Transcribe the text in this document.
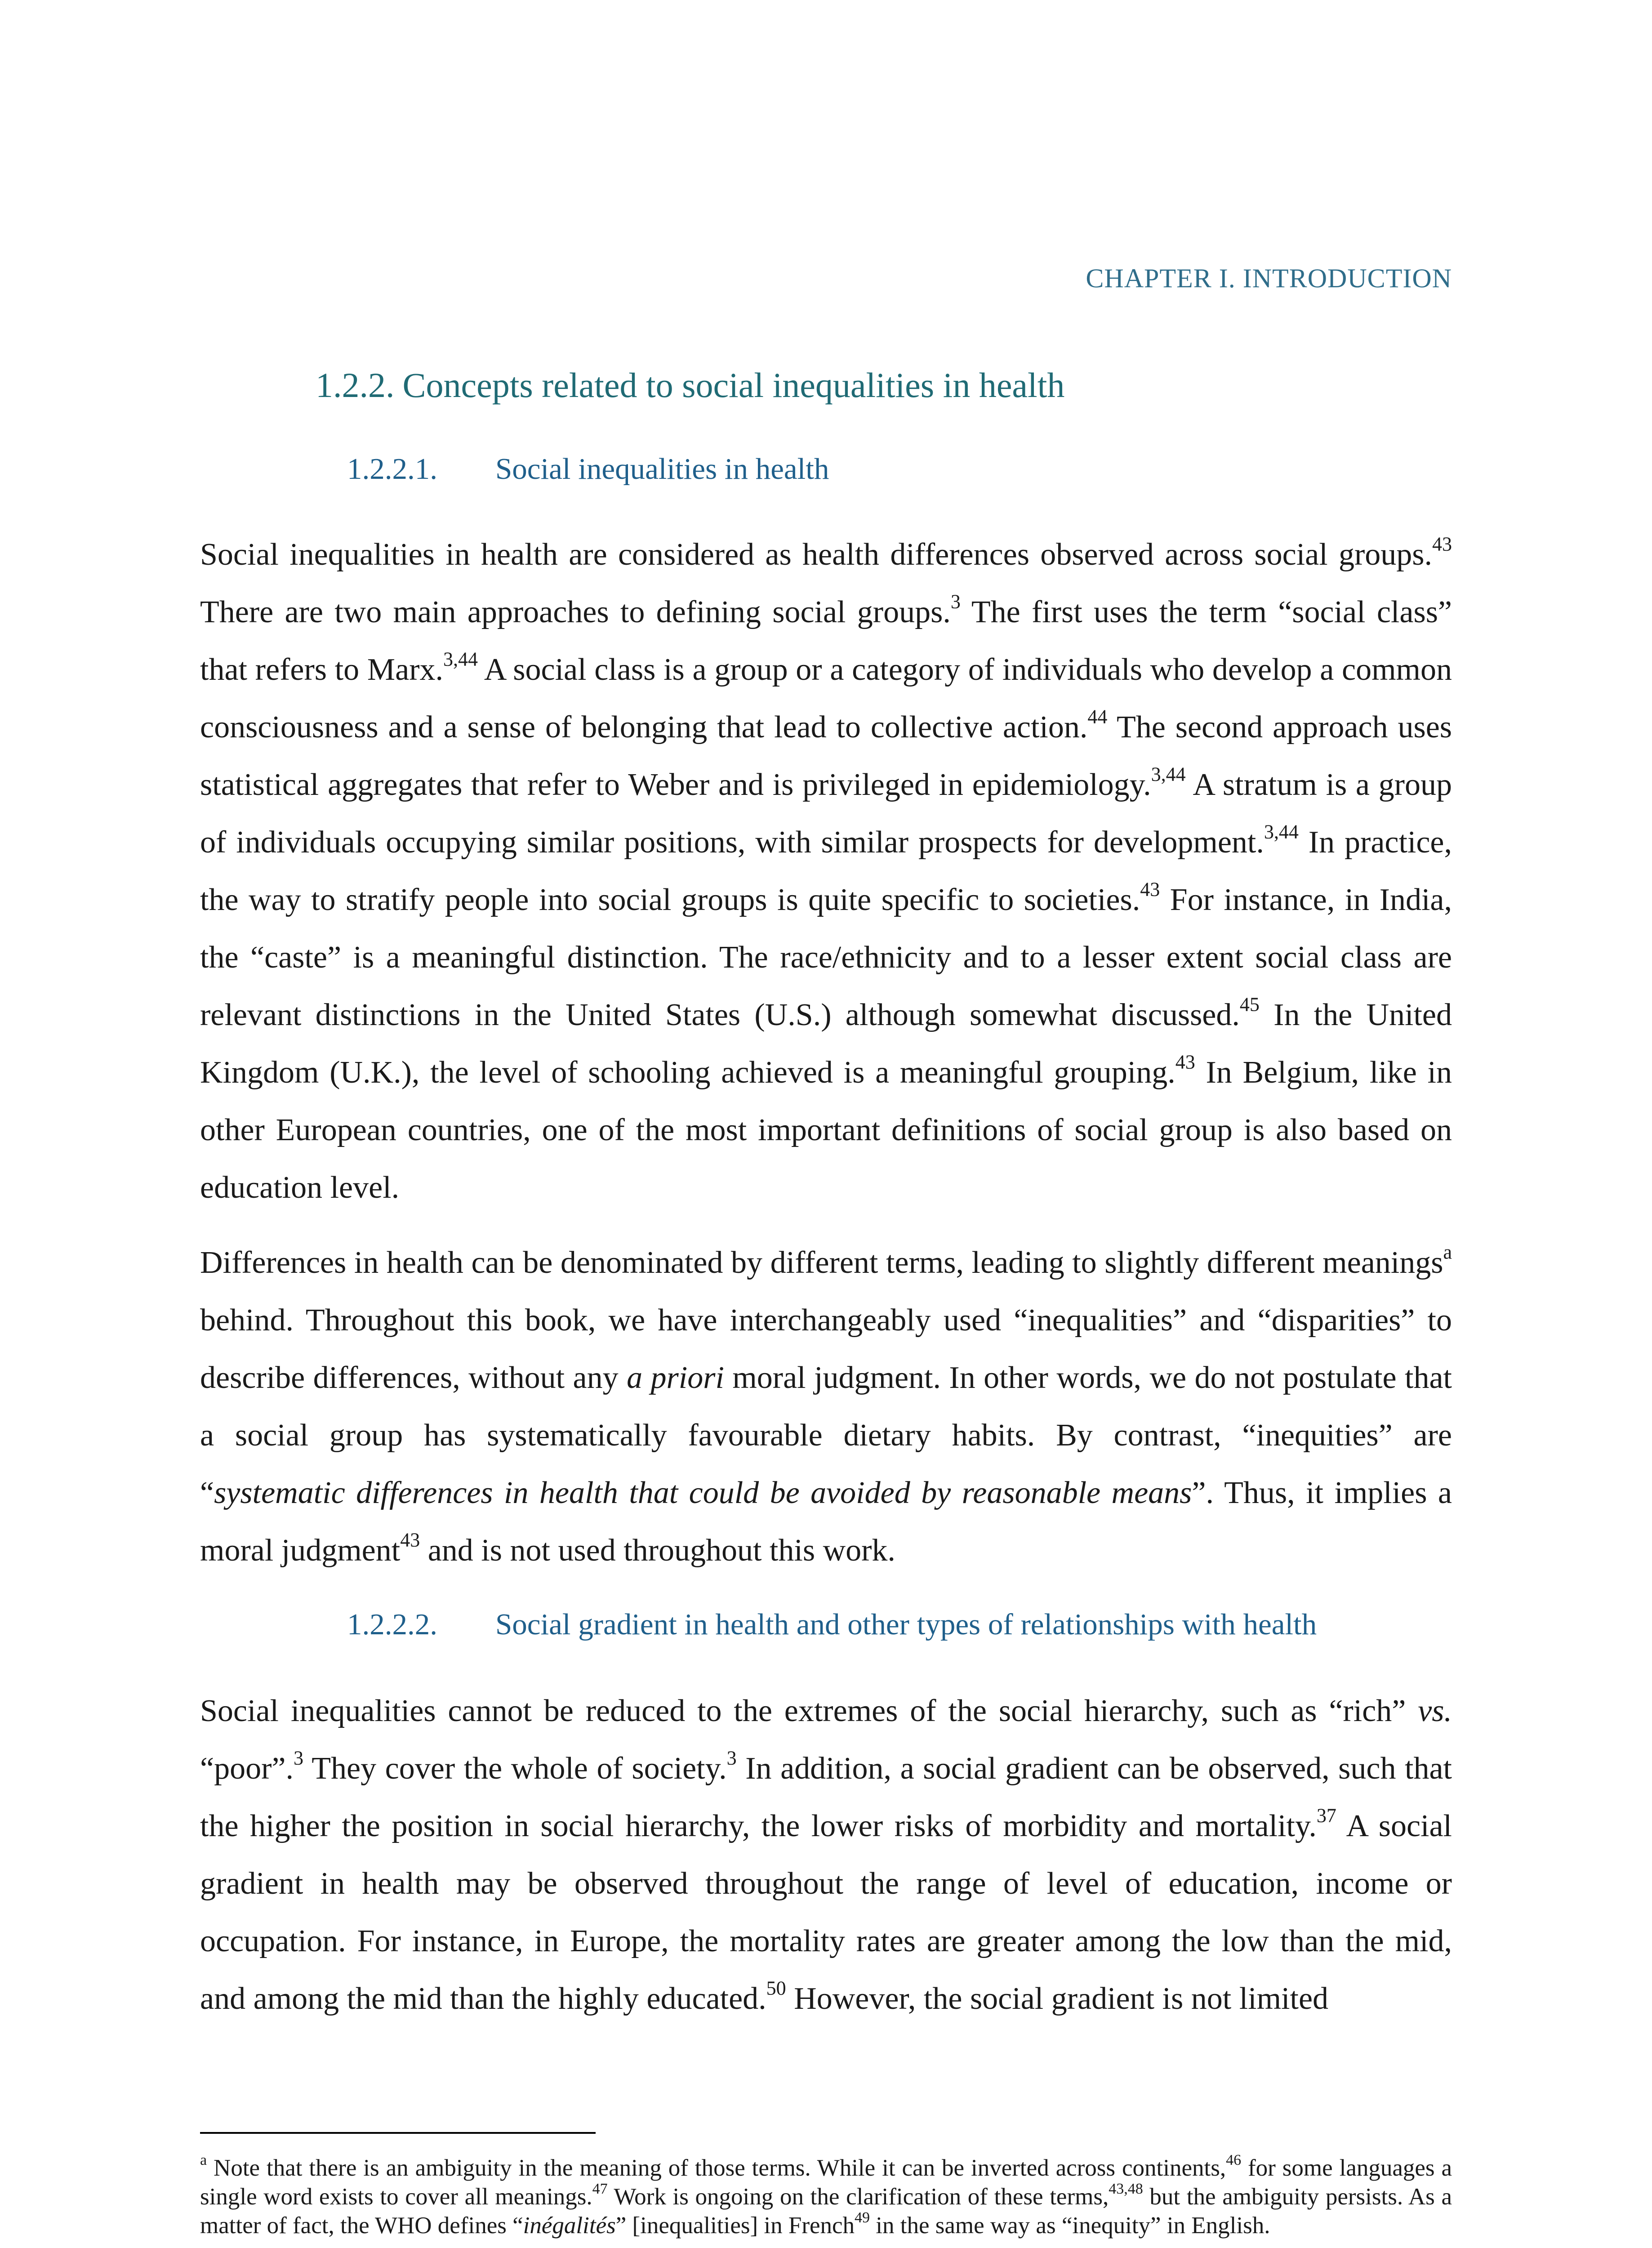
CHAPTER I. INTRODUCTION
1.2.2. Concepts related to social inequalities in health
1.2.2.1. Social inequalities in health

Social inequalities in health are considered as health differences observed across social groups.$^{43}$ There are two main approaches to defining social groups.$^3$ The first uses the term “social class” that refers to Marx.$^{3,44}$ A social class is a group or a category of individuals who develop a common consciousness and a sense of belonging that lead to collective action.$^{44}$ The second approach uses statistical aggregates that refer to Weber and is privileged in epidemiology.$^{3,44}$ A stratum is a group of individuals occupying similar positions, with similar prospects for development.$^{3,44}$ In practice, the way to stratify people into social groups is quite specific to societies.$^{43}$ For instance, in India, the “caste” is a meaningful distinction. The race/ethnicity and to a lesser extent social class are relevant distinctions in the United States (U.S.) although somewhat discussed.$^{45}$ In the United Kingdom (U.K.), the level of schooling achieved is a meaningful grouping.$^{43}$ In Belgium, like in other European countries, one of the most important definitions of social group is also based on education level.

Differences in health can be denominated by different terms, leading to slightly different meanings$^a$ behind. Throughout this book, we have interchangeably used “inequalities” and “disparities” to describe differences, without any a priori moral judgment. In other words, we do not postulate that a social group has systematically favourable dietary habits. By contrast, “inequities” are “systematic differences in health that could be avoided by reasonable means”. Thus, it implies a moral judgment$^{43}$ and is not used throughout this work.

1.2.2.2. Social gradient in health and other types of relationships with health

Social inequalities cannot be reduced to the extremes of the social hierarchy, such as “rich” vs. “poor”.$^3$ They cover the whole of society.$^3$ In addition, a social gradient can be observed, such that the higher the position in social hierarchy, the lower risks of morbidity and mortality.$^{37}$ A social gradient in health may be observed throughout the range of level of education, income or occupation. For instance, in Europe, the mortality rates are greater among the low than the mid, and among the mid than the highly educated.$^{50}$ However, the social gradient is not limited

$^a$ Note that there is an ambiguity in the meaning of those terms. While it can be inverted across continents,$^{46}$ for some languages a single word exists to cover all meanings.$^{47}$ Work is ongoing on the clarification of these terms,$^{43,48}$ but the ambiguity persists. As a matter of fact, the WHO defines “inégalités” [inequalities] in French$^{49}$ in the same way as “inequity” in English.
